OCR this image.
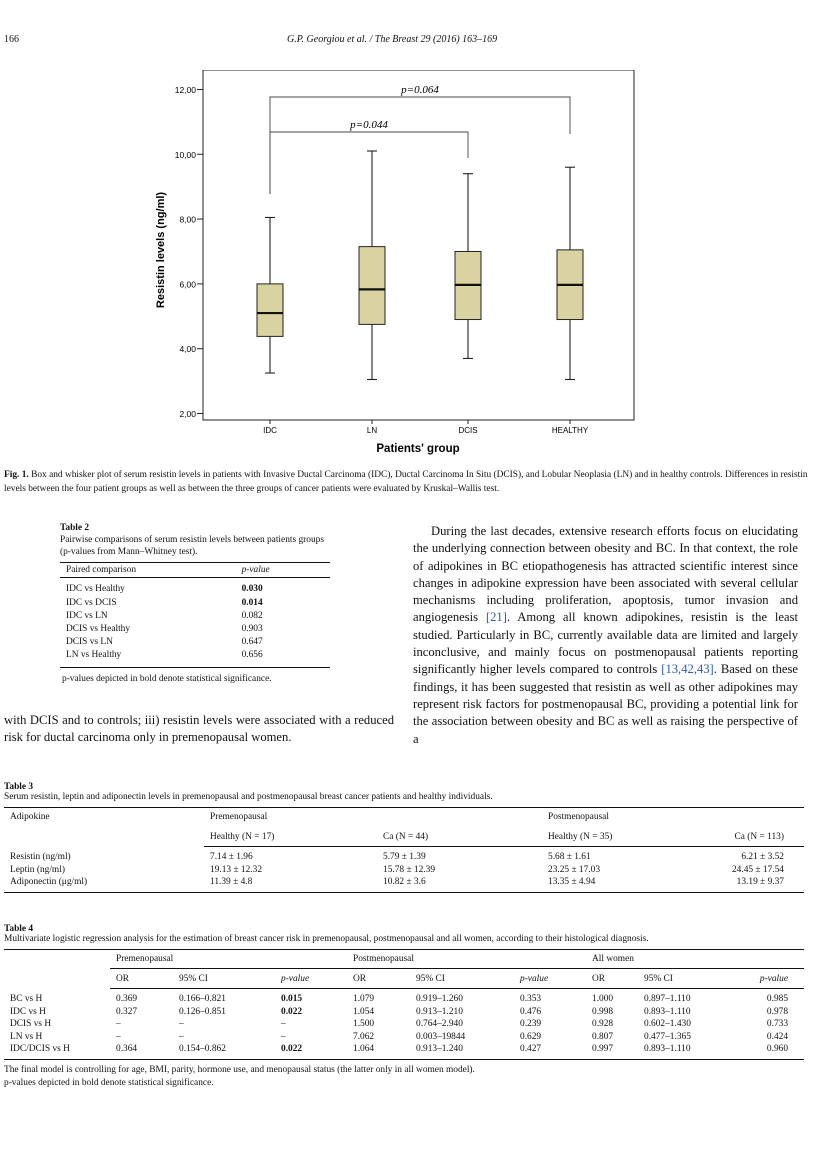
166	G.P. Georgiou et al. / The Breast 29 (2016) 163–169
2,00
4,00
6,00
8,00
10,00
12,00
IDC	LN	DCIS	HEALTHY
p=0.044
p=0.064
Resistin levels (ng/ml)
Patients' group
Fig. 1. Box and whisker plot of serum resistin levels in patients with Invasive Ductal Carcinoma (IDC), Ductal Carcinoma In Situ (DCIS), and Lobular Neoplasia (LN) and in healthy controls. Differences in resistin levels between the four patient groups as well as between the three groups of cancer patients were evaluated by Kruskal–Wallis test.
Table 2
Pairwise comparisons of serum resistin levels between patients groups (p-values from Mann–Whitney test).
Paired comparison	p-value
IDC vs Healthy	0.030
IDC vs DCIS	0.014
IDC vs LN	0.082
DCIS vs Healthy	0.903
DCIS vs LN	0.647
LN vs Healthy	0.656
p-values depicted in bold denote statistical significance.
with DCIS and to controls; iii) resistin levels were associated with a reduced risk for ductal carcinoma only in premenopausal women.
During the last decades, extensive research efforts focus on elucidating the underlying connection between obesity and BC. In that context, the role of adipokines in BC etiopathogenesis has attracted scientific interest since changes in adipokine expression have been associated with several cellular mechanisms including proliferation, apoptosis, tumor invasion and angiogenesis [21]. Among all known adipokines, resistin is the least studied. Particularly in BC, currently available data are limited and largely inconclusive, and mainly focus on postmenopausal patients reporting significantly higher levels compared to controls [13,42,43]. Based on these findings, it has been suggested that resistin as well as other adipokines may represent risk factors for postmenopausal BC, providing a potential link for the association between obesity and BC as well as raising the perspective of a
Table 3
Serum resistin, leptin and adiponectin levels in premenopausal and postmenopausal breast cancer patients and healthy individuals.
Adipokine	Premenopausal		Postmenopausal	
	Healthy (N = 17)	Ca (N = 44)	Healthy (N = 35)	Ca (N = 113)
Resistin (ng/ml)	7.14 ± 1.96	5.79 ± 1.39	5.68 ± 1.61	6.21 ± 3.52
Leptin (ng/ml)	19.13 ± 12.32	15.78 ± 12.39	23.25 ± 17.03	24.45 ± 17.54
Adiponectin (μg/ml)	11.39 ± 4.8	10.82 ± 3.6	13.35 ± 4.94	13.19 ± 9.37
Table 4
Multivariate logistic regression analysis for the estimation of breast cancer risk in premenopausal, postmenopausal and all women, according to their histological diagnosis.
	Premenopausal			Postmenopausal			All women		
	OR	95% CI	p-value	OR	95% CI	p-value	OR	95% CI	p-value
BC vs H	0.369	0.166–0.821	0.015	1.079	0.919–1.260	0.353	1.000	0.897–1.110	0.985
IDC vs H	0.327	0.126–0.851	0.022	1.054	0.913–1.210	0.476	0.998	0.893–1.110	0.978
DCIS vs H	–	–	–	1.500	0.764–2.940	0.239	0.928	0.602–1.430	0.733
LN vs H	–	–	–	7.062	0.003–19844	0.629	0.807	0.477–1.365	0.424
IDC/DCIS vs H	0.364	0.154–0.862	0.022	1.064	0.913–1.240	0.427	0.997	0.893–1.110	0.960
The final model is controlling for age, BMI, parity, hormone use, and menopausal status (the latter only in all women model).
p-values depicted in bold denote statistical significance.
